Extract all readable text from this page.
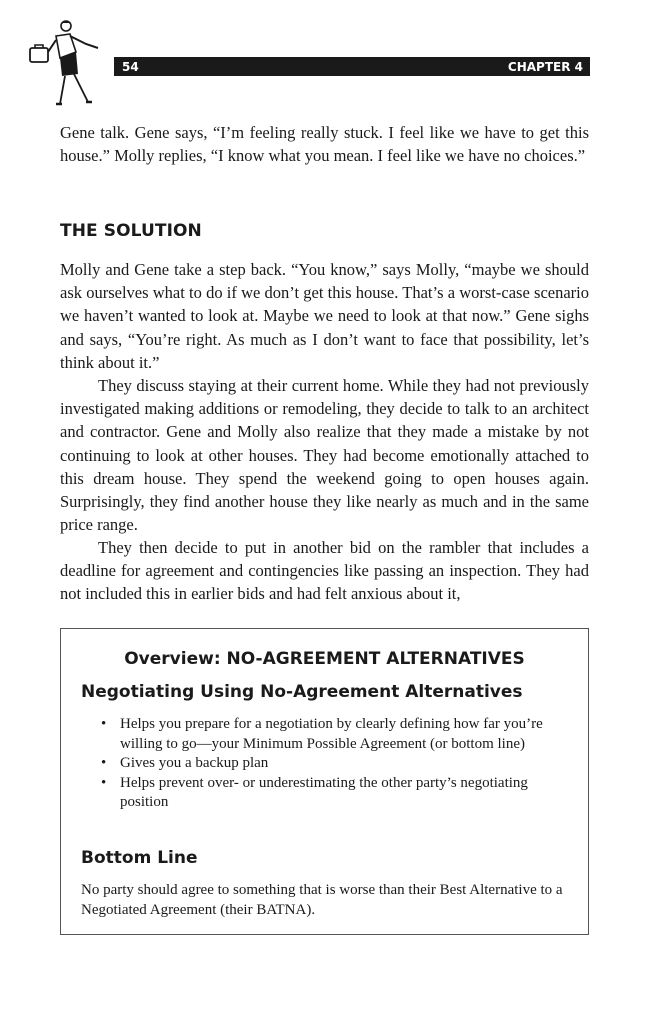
54	CHAPTER 4

Gene talk. Gene says, “I’m feeling really stuck. I feel like we have to get this house.” Molly replies, “I know what you mean. I feel like we have no choices.”

THE SOLUTION

Molly and Gene take a step back. “You know,” says Molly, “maybe we should ask ourselves what to do if we don’t get this house. That’s a worst-case scenario we haven’t wanted to look at. Maybe we need to look at that now.” Gene sighs and says, “You’re right. As much as I don’t want to face that possibility, let’s think about it.”

They discuss staying at their current home. While they had not previously investigated making additions or remodeling, they decide to talk to an architect and contractor. Gene and Molly also realize that they made a mistake by not continuing to look at other houses. They had become emotionally attached to this dream house. They spend the weekend going to open houses again. Surprisingly, they find another house they like nearly as much and in the same price range.

They then decide to put in another bid on the rambler that includes a deadline for agreement and contingencies like passing an inspection. They had not included this in earlier bids and had felt anxious about it,

Overview: NO-AGREEMENT ALTERNATIVES
Negotiating Using No-Agreement Alternatives
• Helps you prepare for a negotiation by clearly defining how far you’re willing to go—your Minimum Possible Agreement (or bottom line)
• Gives you a backup plan
• Helps prevent over- or underestimating the other party’s negotiating position
Bottom Line

No party should agree to something that is worse than their Best Alternative to a Negotiated Agreement (their BATNA).
